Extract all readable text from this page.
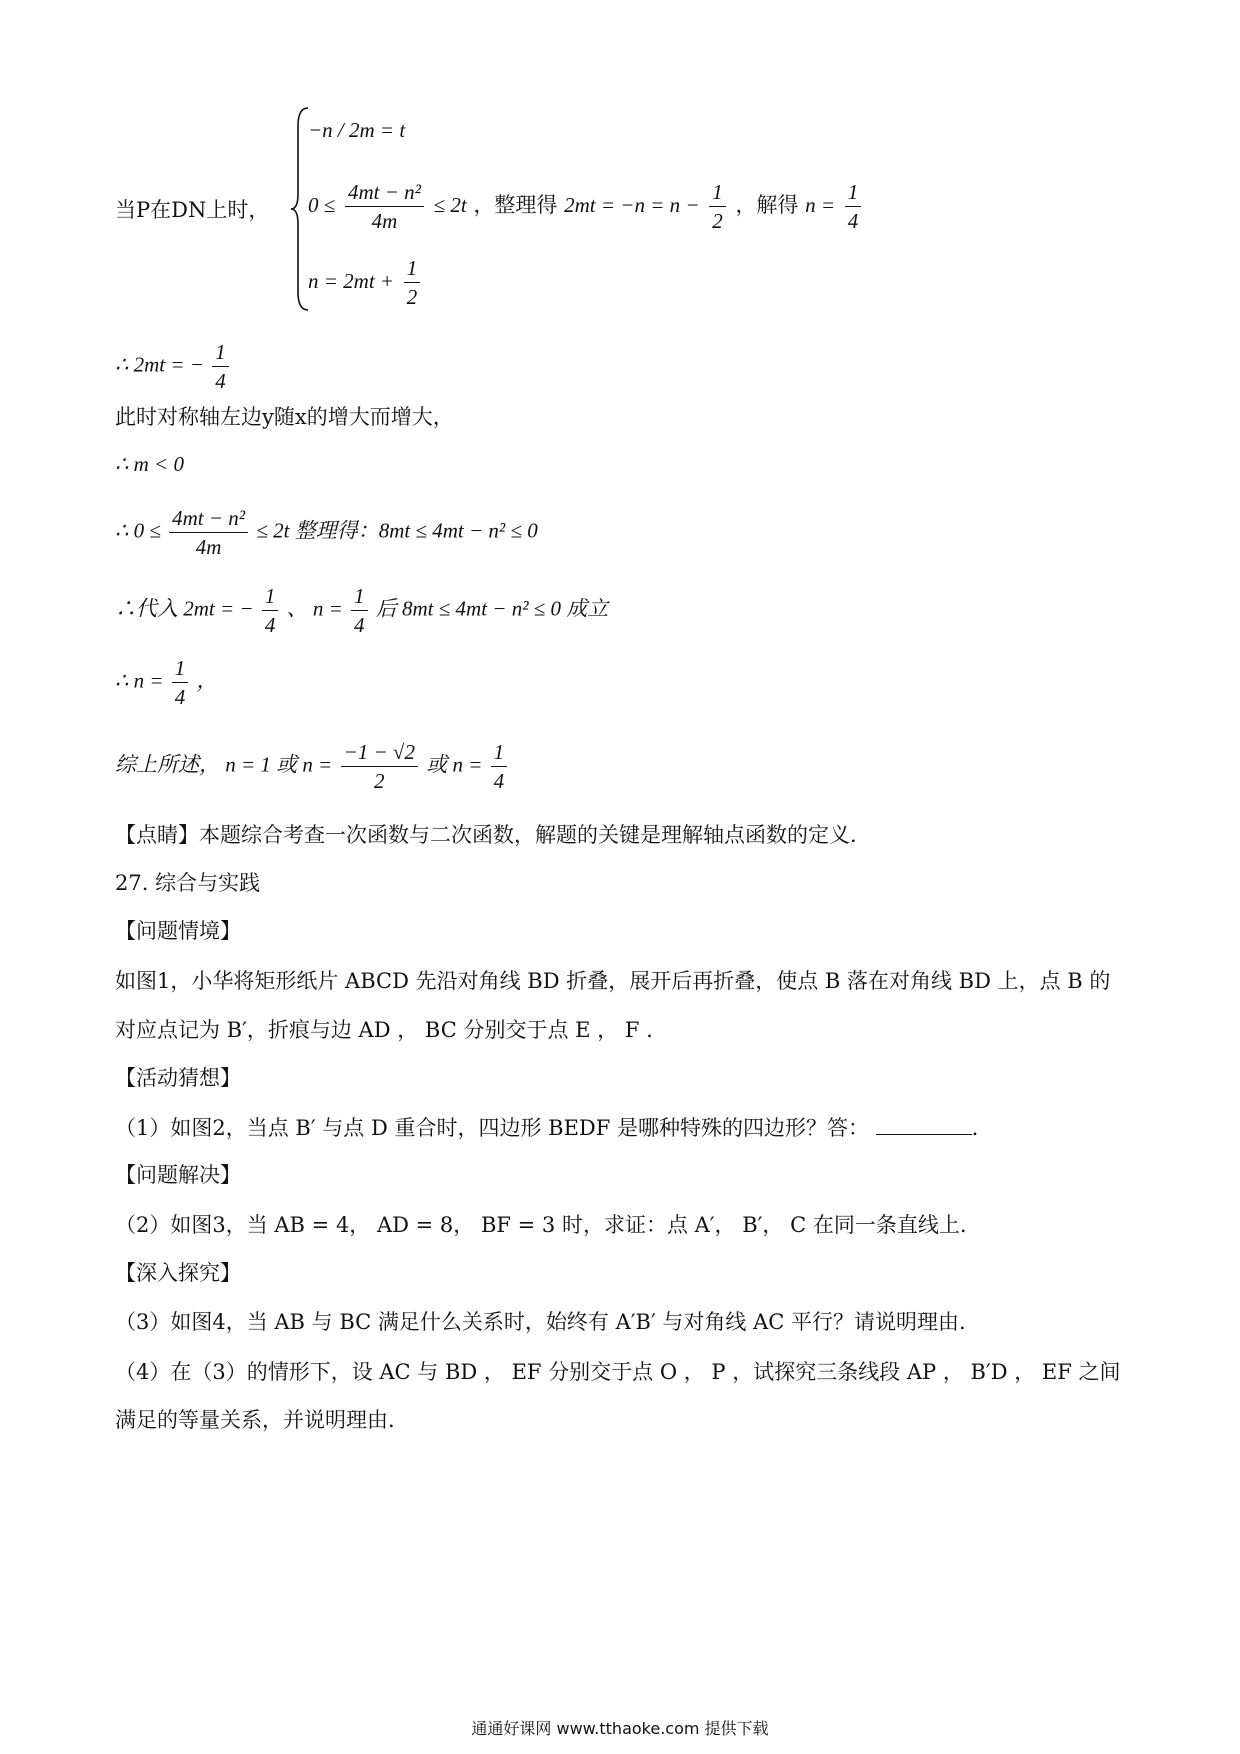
当P在DN上时，
−n / 2m = t
$0 \le \frac{\text{4mt − n²}}{4m} \le 2t$ ，整理得 $2mt = -n = n - \frac{1}{2}$ ，解得 $n = \frac{1}{4}$
$n = 2mt + \frac{1}{2}$
∴ 2mt = − $\frac{1}{4}$
此时对称轴左边y随x的增大而增大，
∴ m < 0
∴ $0 \le \frac{\text{4mt − n²}}{4m} \le 2t$ 整理得：8mt ≤ 4mt − n² ≤ 0
∴代入 2mt = − $\frac{1}{4}$ 、 $n = \frac{1}{4}$ 后 8mt ≤ 4mt − n² ≤ 0 成立
∴ $n = \frac{1}{4}$ ，
综上所述， n = 1 或 $n = \frac{-1 - √2}{2}$ 或 $n = \frac{1}{4}$
【点睛】本题综合考查一次函数与二次函数，解题的关键是理解轴点函数的定义.
27. 综合与实践
【问题情境】
如图1，小华将矩形纸片 ABCD 先沿对角线 BD 折叠，展开后再折叠，使点 B 落在对角线 BD 上，点 B 的
对应点记为 B′，折痕与边 AD ， BC 分别交于点 E ， F .
【活动猜想】
（1）如图2，当点 B′ 与点 D 重合时，四边形 BEDF 是哪种特殊的四边形？答：	.
【问题解决】
（2）如图3，当 AB = 4， AD = 8， BF = 3 时，求证：点 A′， B′， C 在同一条直线上.
【深入探究】
（3）如图4，当 AB 与 BC 满足什么关系时，始终有 A′B′ 与对角线 AC 平行？请说明理由.
（4）在（3）的情形下，设 AC 与 BD ， EF 分别交于点 O ， P ，试探究三条线段 AP ， B′D ， EF 之间
满足的等量关系，并说明理由.
通通好课网 www.tthaoke.com 提供下载
